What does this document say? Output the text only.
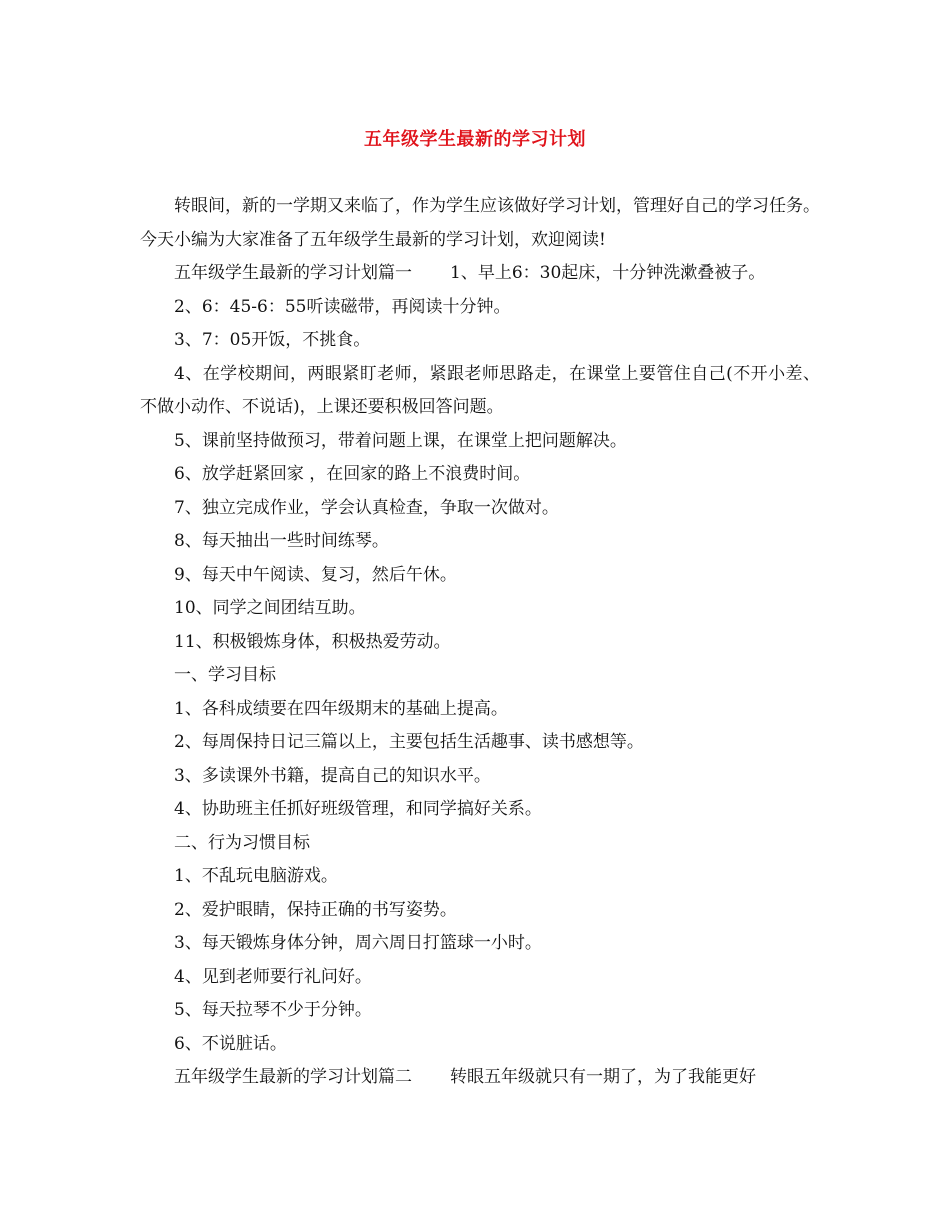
五年级学生最新的学习计划

转眼间，新的一学期又来临了，作为学生应该做好学习计划，管理好自己的学习任务。今天小编为大家准备了五年级学生最新的学习计划，欢迎阅读!

五年级学生最新的学习计划篇一 1、早上6：30起床，十分钟洗漱叠被子。

2、6：45-6：55听读磁带，再阅读十分钟。

3、7：05开饭，不挑食。

4、在学校期间，两眼紧盯老师，紧跟老师思路走，在课堂上要管住自己(不开小差、不做小动作、不说话)，上课还要积极回答问题。

5、课前坚持做预习，带着问题上课，在课堂上把问题解决。

6、放学赶紧回家 ，在回家的路上不浪费时间。

7、独立完成作业，学会认真检查，争取一次做对。

8、每天抽出一些时间练琴。

9、每天中午阅读、复习，然后午休。

10、同学之间团结互助。

11、积极锻炼身体，积极热爱劳动。

一、学习目标

1、各科成绩要在四年级期末的基础上提高。

2、每周保持日记三篇以上，主要包括生活趣事、读书感想等。

3、多读课外书籍，提高自己的知识水平。

4、协助班主任抓好班级管理，和同学搞好关系。

二、行为习惯目标

1、不乱玩电脑游戏。

2、爱护眼睛，保持正确的书写姿势。

3、每天锻炼身体分钟，周六周日打篮球一小时。

4、见到老师要行礼问好。

5、每天拉琴不少于分钟。

6、不说脏话。

五年级学生最新的学习计划篇二 转眼五年级就只有一期了，为了我能更好
